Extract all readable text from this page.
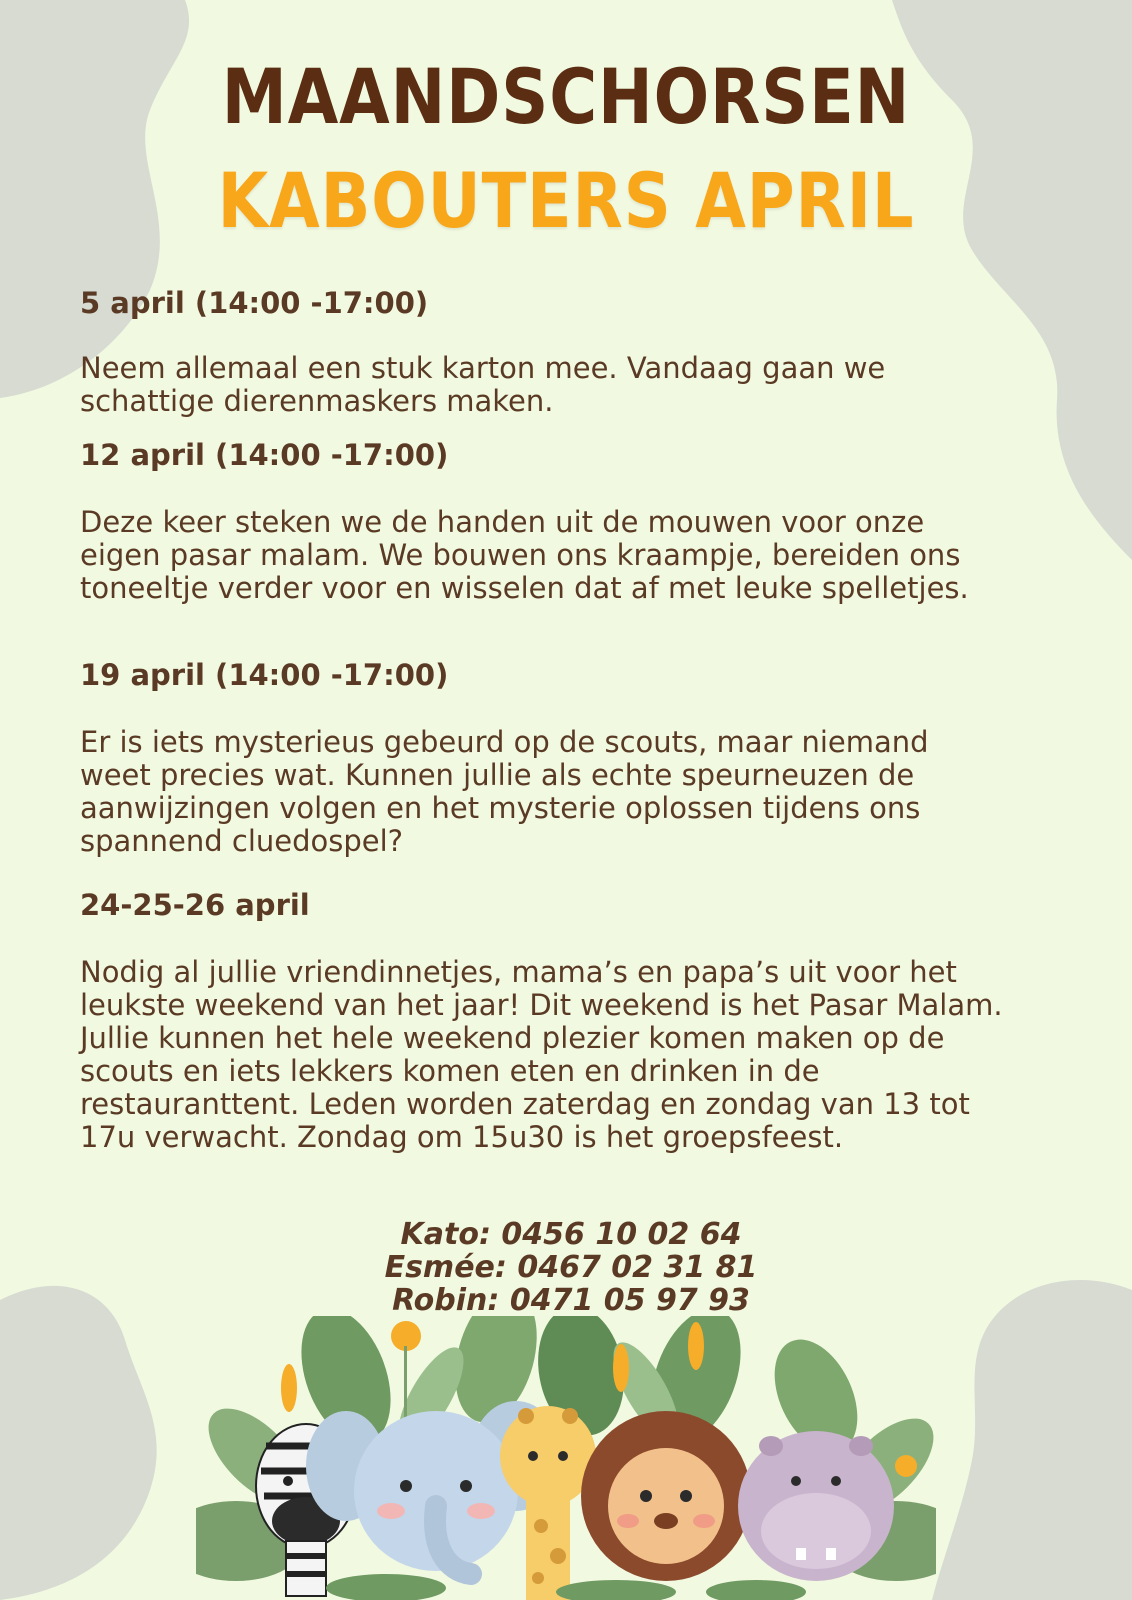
MAANDSCHORSEN
KABOUTERS APRIL
5 april (14:00 -17:00)
Neem allemaal een stuk karton mee. Vandaag gaan we schattige dierenmaskers maken.
12 april (14:00 -17:00)
Deze keer steken we de handen uit de mouwen voor onze eigen pasar malam. We bouwen ons kraampje, bereiden ons toneeltje verder voor en wisselen dat af met leuke spelletjes.
19 april (14:00 -17:00)
Er is iets mysterieus gebeurd op de scouts, maar niemand weet precies wat. Kunnen jullie als echte speurneuzen de aanwijzingen volgen en het mysterie oplossen tijdens ons spannend cluedospel?
24-25-26 april
Nodig al jullie vriendinnetjes, mama’s en papa’s uit voor het leukste weekend van het jaar! Dit weekend is het Pasar Malam. Jullie kunnen het hele weekend plezier komen maken op de scouts en iets lekkers komen eten en drinken in de restauranttent. Leden worden zaterdag en zondag van 13 tot 17u verwacht. Zondag om 15u30 is het groepsfeest.
Kato: 0456 10 02 64
Esmée: 0467 02 31 81
Robin: 0471 05 97 93
